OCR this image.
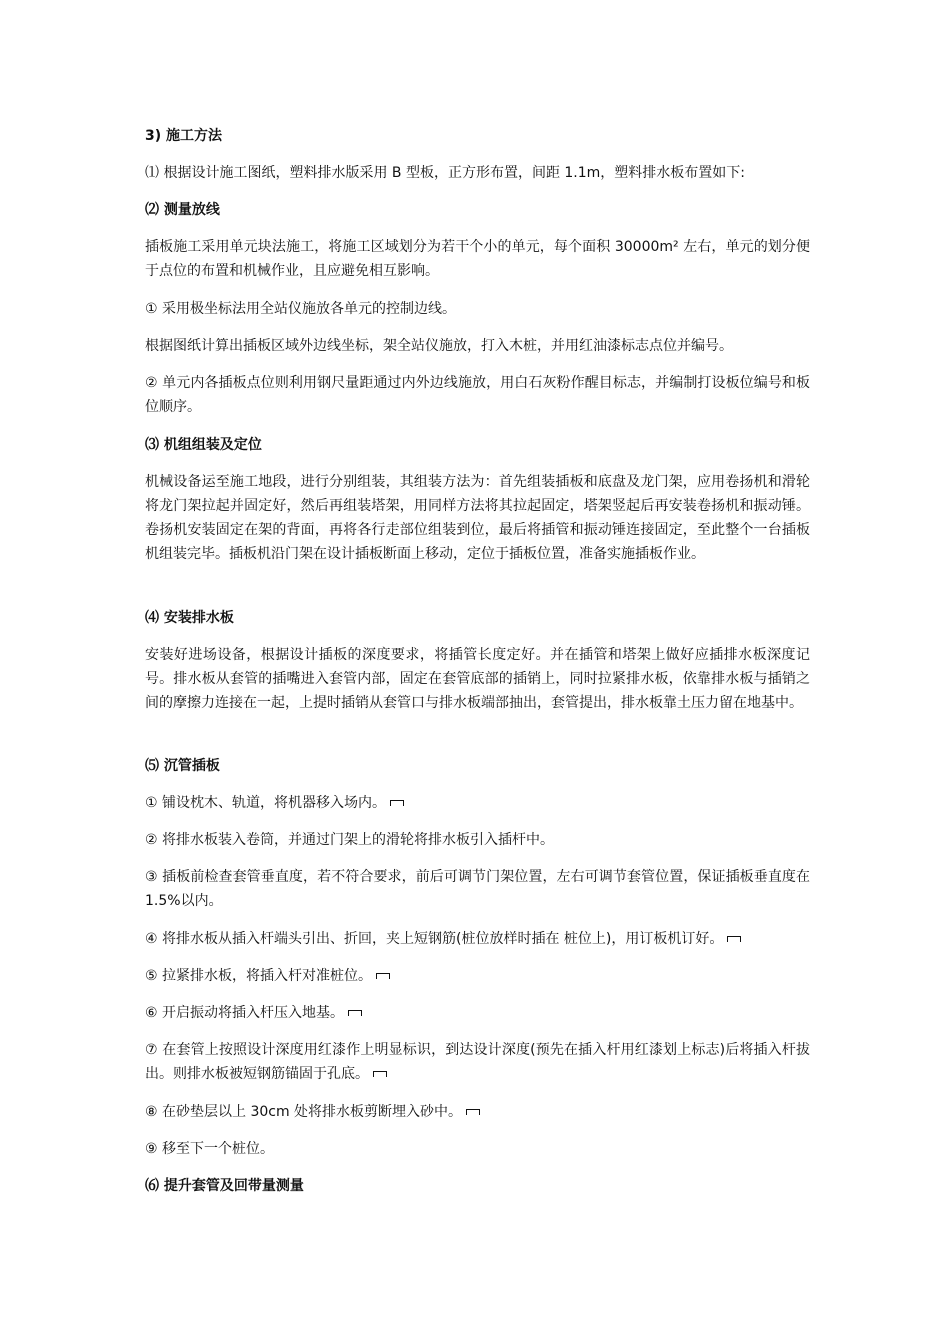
3) 施工方法

⑴ 根据设计施工图纸，塑料排水版采用 B 型板，正方形布置，间距 1.1m，塑料排水板布置如下:

⑵ 测量放线

插板施工采用单元块法施工，将施工区域划分为若干个小的单元，每个面积 30000m² 左右，单元的划分便于点位的布置和机械作业，且应避免相互影响。

① 采用极坐标法用全站仪施放各单元的控制边线。

根据图纸计算出插板区域外边线坐标，架全站仪施放，打入木桩，并用红油漆标志点位并编号。

② 单元内各插板点位则利用钢尺量距通过内外边线施放，用白石灰粉作醒目标志，并编制打设板位编号和板位顺序。

⑶ 机组组装及定位

机械设备运至施工地段，进行分别组装，其组装方法为：首先组装插板和底盘及龙门架，应用卷扬机和滑轮将龙门架拉起并固定好，然后再组装塔架，用同样方法将其拉起固定，塔架竖起后再安装卷扬机和振动锤。卷扬机安装固定在架的背面，再将各行走部位组装到位，最后将插管和振动锤连接固定，至此整个一台插板机组装完毕。插板机沿门架在设计插板断面上移动，定位于插板位置，准备实施插板作业。

⑷ 安装排水板

安装好进场设备，根据设计插板的深度要求，将插管长度定好。并在插管和塔架上做好应插排水板深度记号。排水板从套管的插嘴进入套管内部，固定在套管底部的插销上，同时拉紧排水板，依靠排水板与插销之间的摩擦力连接在一起，上提时插销从套管口与排水板端部抽出，套管提出，排水板靠土压力留在地基中。

⑸ 沉管插板

① 铺设枕木、轨道，将机器移入场内。

② 将排水板装入卷筒，并通过门架上的滑轮将排水板引入插杆中。

③ 插板前检查套管垂直度，若不符合要求，前后可调节门架位置，左右可调节套管位置，保证插板垂直度在 1.5%以内。

④ 将排水板从插入杆端头引出、折回，夹上短钢筋(桩位放样时插在 桩位上)，用订板机订好。

⑤ 拉紧排水板，将插入杆对准桩位。

⑥ 开启振动将插入杆压入地基。

⑦ 在套管上按照设计深度用红漆作上明显标识，到达设计深度(预先在插入杆用红漆划上标志)后将插入杆拔出。则排水板被短钢筋锚固于孔底。

⑧ 在砂垫层以上 30cm 处将排水板剪断埋入砂中。

⑨ 移至下一个桩位。

⑹ 提升套管及回带量测量
